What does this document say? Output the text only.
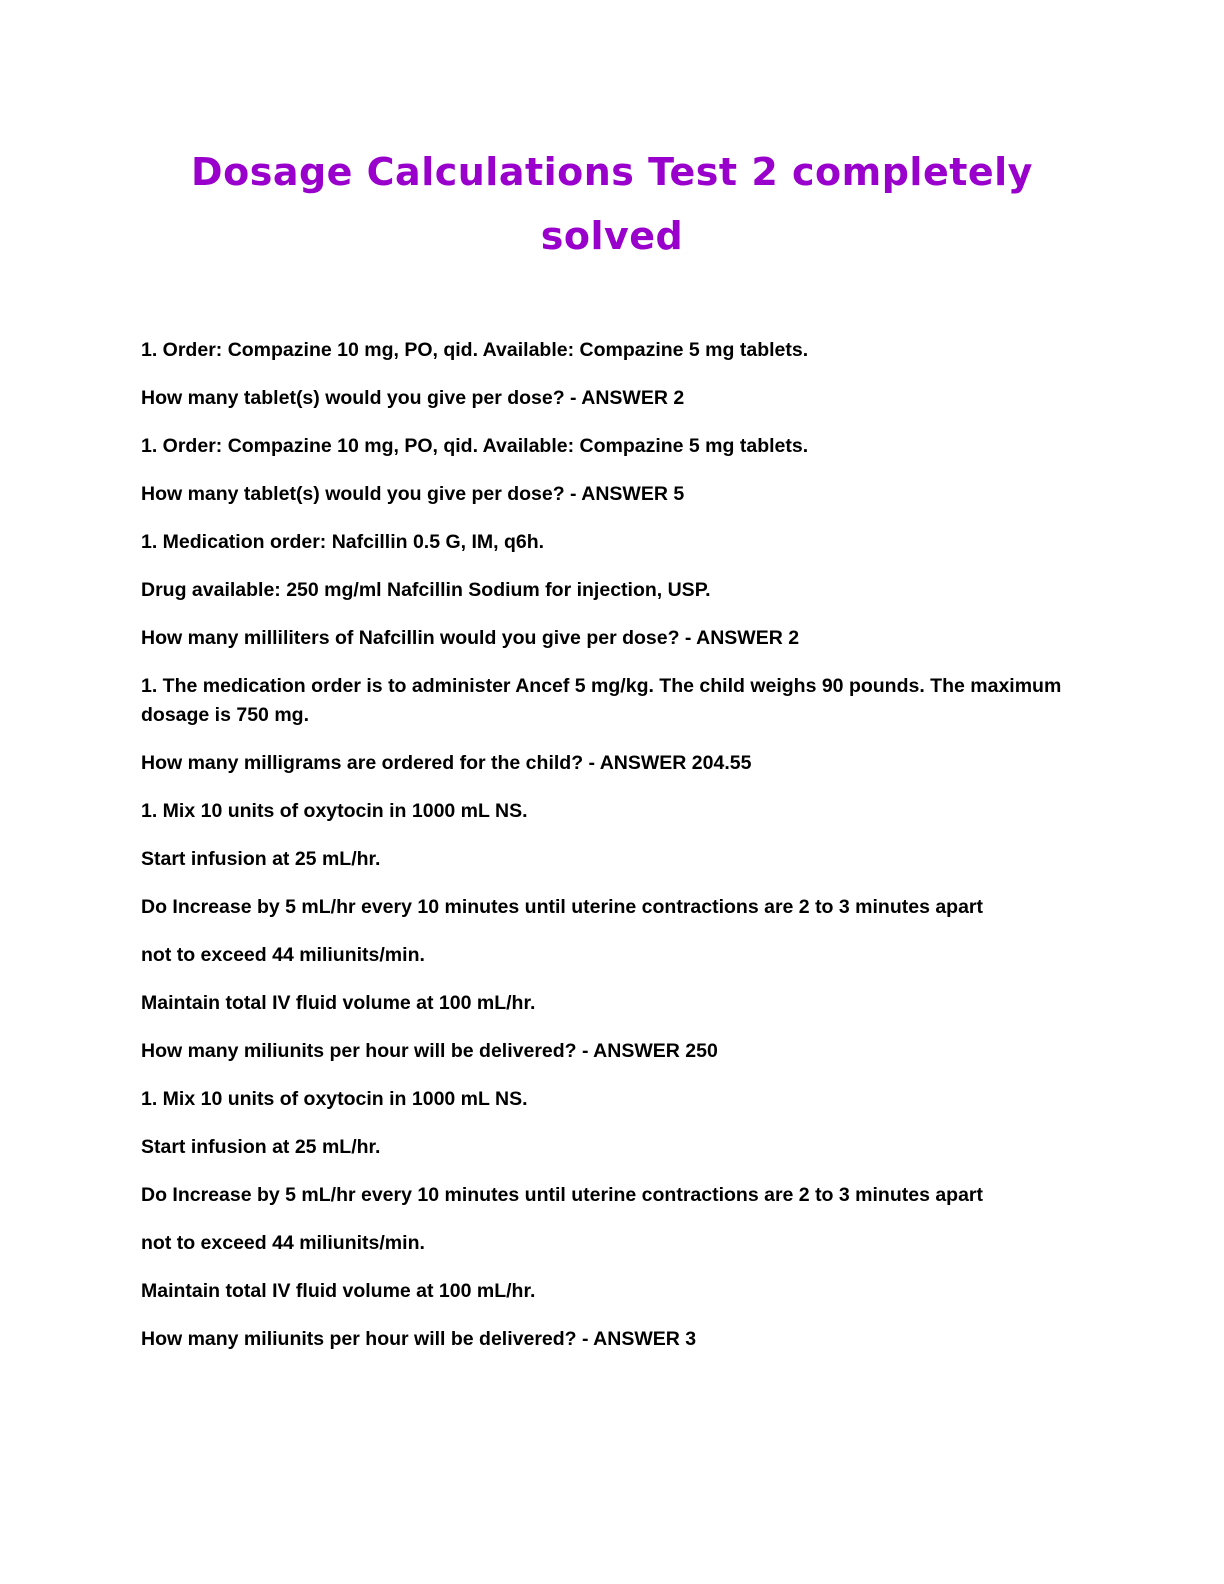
Dosage Calculations Test 2 completely solved

1. Order: Compazine 10 mg, PO, qid. Available: Compazine 5 mg tablets.

How many tablet(s) would you give per dose? - ANSWER 2

1. Order: Compazine 10 mg, PO, qid. Available: Compazine 5 mg tablets.

How many tablet(s) would you give per dose? - ANSWER 5

1. Medication order: Nafcillin 0.5 G, IM, q6h.

Drug available: 250 mg/ml Nafcillin Sodium for injection, USP.

How many milliliters of Nafcillin would you give per dose? - ANSWER 2

1. The medication order is to administer Ancef 5 mg/kg. The child weighs 90 pounds. The maximum dosage is 750 mg.

How many milligrams are ordered for the child? - ANSWER 204.55

1. Mix 10 units of oxytocin in 1000 mL NS.

Start infusion at 25 mL/hr.

Do Increase by 5 mL/hr every 10 minutes until uterine contractions are 2 to 3 minutes apart

not to exceed 44 miliunits/min.

Maintain total IV fluid volume at 100 mL/hr.

How many miliunits per hour will be delivered? - ANSWER 250

1. Mix 10 units of oxytocin in 1000 mL NS.

Start infusion at 25 mL/hr.

Do Increase by 5 mL/hr every 10 minutes until uterine contractions are 2 to 3 minutes apart

not to exceed 44 miliunits/min.

Maintain total IV fluid volume at 100 mL/hr.

How many miliunits per hour will be delivered? - ANSWER 3
